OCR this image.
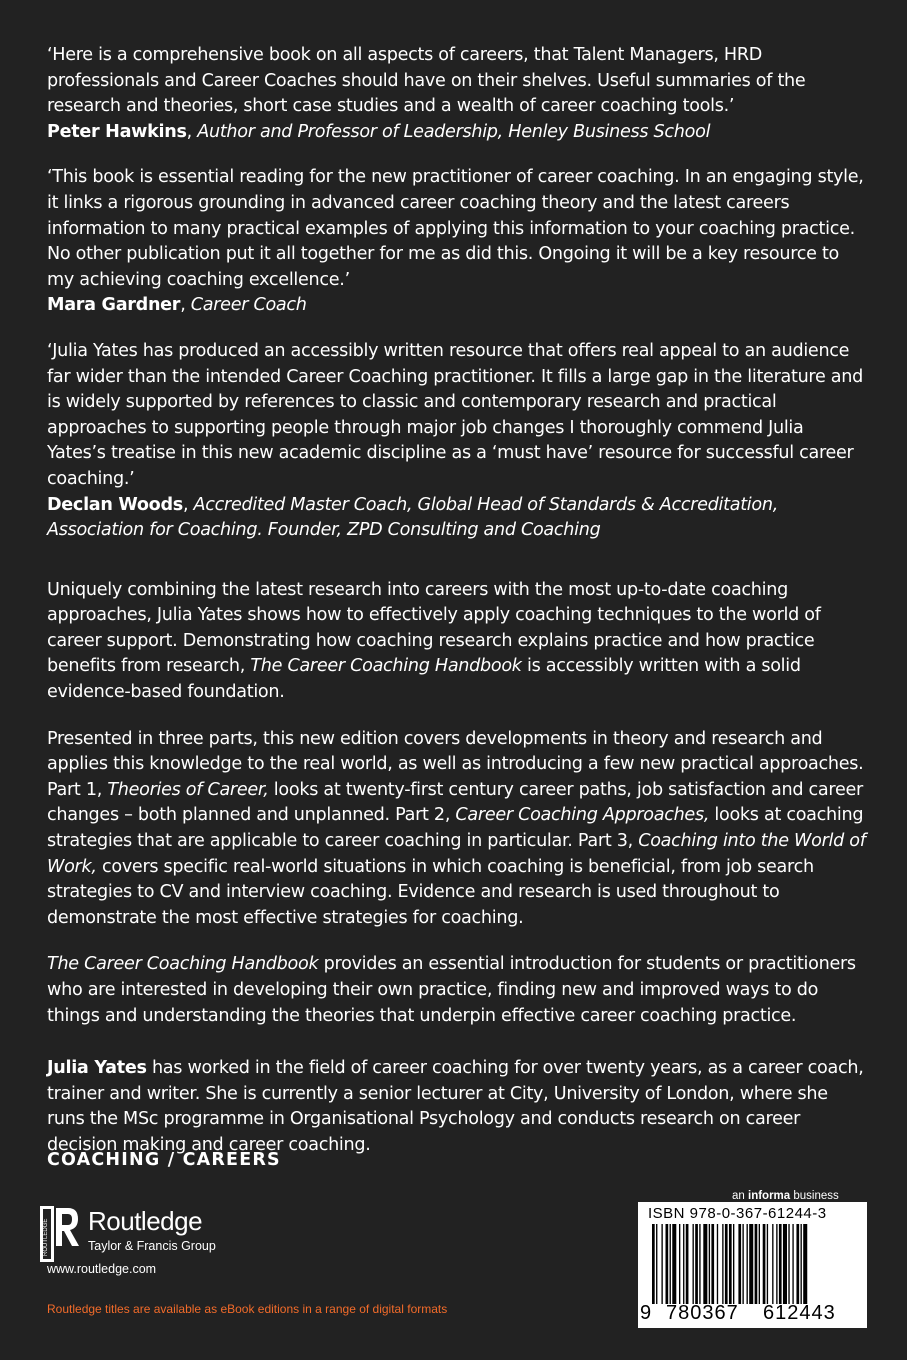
‘Here is a comprehensive book on all aspects of careers, that Talent Managers, HRD professionals and Career Coaches should have on their shelves. Useful summaries of the research and theories, short case studies and a wealth of career coaching tools.’

Peter Hawkins, Author and Professor of Leadership, Henley Business School

‘This book is essential reading for the new practitioner of career coaching. In an engaging style, it links a rigorous grounding in advanced career coaching theory and the latest careers information to many practical examples of applying this information to your coaching practice. No other publication put it all together for me as did this. Ongoing it will be a key resource to my achieving coaching excellence.’

Mara Gardner, Career Coach

‘Julia Yates has produced an accessibly written resource that offers real appeal to an audience far wider than the intended Career Coaching practitioner. It fills a large gap in the literature and is widely supported by references to classic and contemporary research and practical approaches to supporting people through major job changes I thoroughly commend Julia Yates’s treatise in this new academic discipline as a ‘must have’ resource for successful career coaching.’

Declan Woods, Accredited Master Coach, Global Head of Standards & Accreditation, Association for Coaching. Founder, ZPD Consulting and Coaching

Uniquely combining the latest research into careers with the most up-to-date coaching approaches, Julia Yates shows how to effectively apply coaching techniques to the world of career support. Demonstrating how coaching research explains practice and how practice benefits from research, The Career Coaching Handbook is accessibly written with a solid evidence-based foundation.

Presented in three parts, this new edition covers developments in theory and research and applies this knowledge to the real world, as well as introducing a few new practical approaches. Part 1, Theories of Career, looks at twenty-first century career paths, job satisfaction and career changes – both planned and unplanned. Part 2, Career Coaching Approaches, looks at coaching strategies that are applicable to career coaching in particular. Part 3, Coaching into the World of Work, covers specific real-world situations in which coaching is beneficial, from job search strategies to CV and interview coaching. Evidence and research is used throughout to demonstrate the most effective strategies for coaching.

The Career Coaching Handbook provides an essential introduction for students or practitioners who are interested in developing their own practice, finding new and improved ways to do things and understanding the theories that underpin effective career coaching practice.

Julia Yates has worked in the field of career coaching for over twenty years, as a career coach, trainer and writer. She is currently a senior lecturer at City, University of London, where she runs the MSc programme in Organisational Psychology and conducts research on career decision making and career coaching.

COACHING / CAREERS
ROUTLEDGE Routledge
Taylor & Francis Group
www.routledge.com
Routledge titles are available as eBook editions in a range of digital formats
an informa business
ISBN 978-0-367-61244-3
9 780367 612443
